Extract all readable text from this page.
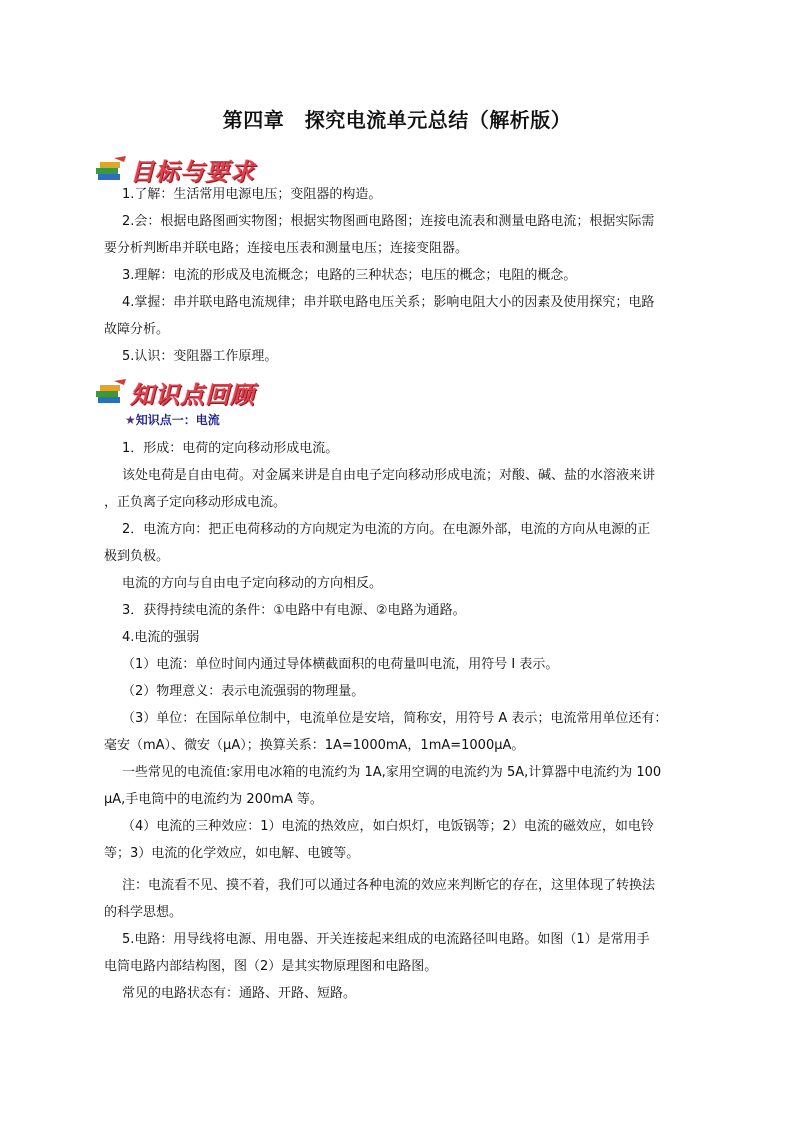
第四章　探究电流单元总结（解析版）
目标与要求
1.了解：生活常用电源电压；变阻器的构造。
2.会：根据电路图画实物图；根据实物图画电路图；连接电流表和测量电路电流；根据实际需
要分析判断串并联电路；连接电压表和测量电压；连接变阻器。
3.理解：电流的形成及电流概念；电路的三种状态；电压的概念；电阻的概念。
4.掌握：串并联电路电流规律；串并联电路电压关系；影响电阻大小的因素及使用探究；电路
故障分析。
5.认识：变阻器工作原理。
知识点回顾
★知识点一：电流
1．形成：电荷的定向移动形成电流。
该处电荷是自由电荷。对金属来讲是自由电子定向移动形成电流；对酸、碱、盐的水溶液来讲
，正负离子定向移动形成电流。
2．电流方向：把正电荷移动的方向规定为电流的方向。在电源外部，电流的方向从电源的正
极到负极。
电流的方向与自由电子定向移动的方向相反。
3．获得持续电流的条件：①电路中有电源、②电路为通路。
4.电流的强弱
（1）电流：单位时间内通过导体横截面积的电荷量叫电流，用符号 I 表示。
（2）物理意义：表示电流强弱的物理量。
（3）单位：在国际单位制中，电流单位是安培，简称安，用符号 A 表示；电流常用单位还有：
毫安（mA）、微安（μA）；换算关系：1A=1000mA，1mA=1000μA。
一些常见的电流值:家用电冰箱的电流约为 1A,家用空调的电流约为 5A,计算器中电流约为 100
μA,手电筒中的电流约为 200mA 等。
（4）电流的三种效应：1）电流的热效应，如白炽灯，电饭锅等；2）电流的磁效应，如电铃
等；3）电流的化学效应，如电解、电镀等。
注：电流看不见、摸不着，我们可以通过各种电流的效应来判断它的存在，这里体现了转换法
的科学思想。
5.电路：用导线将电源、用电器、开关连接起来组成的电流路径叫电路。如图（1）是常用手
电筒电路内部结构图，图（2）是其实物原理图和电路图。
常见的电路状态有：通路、开路、短路。
